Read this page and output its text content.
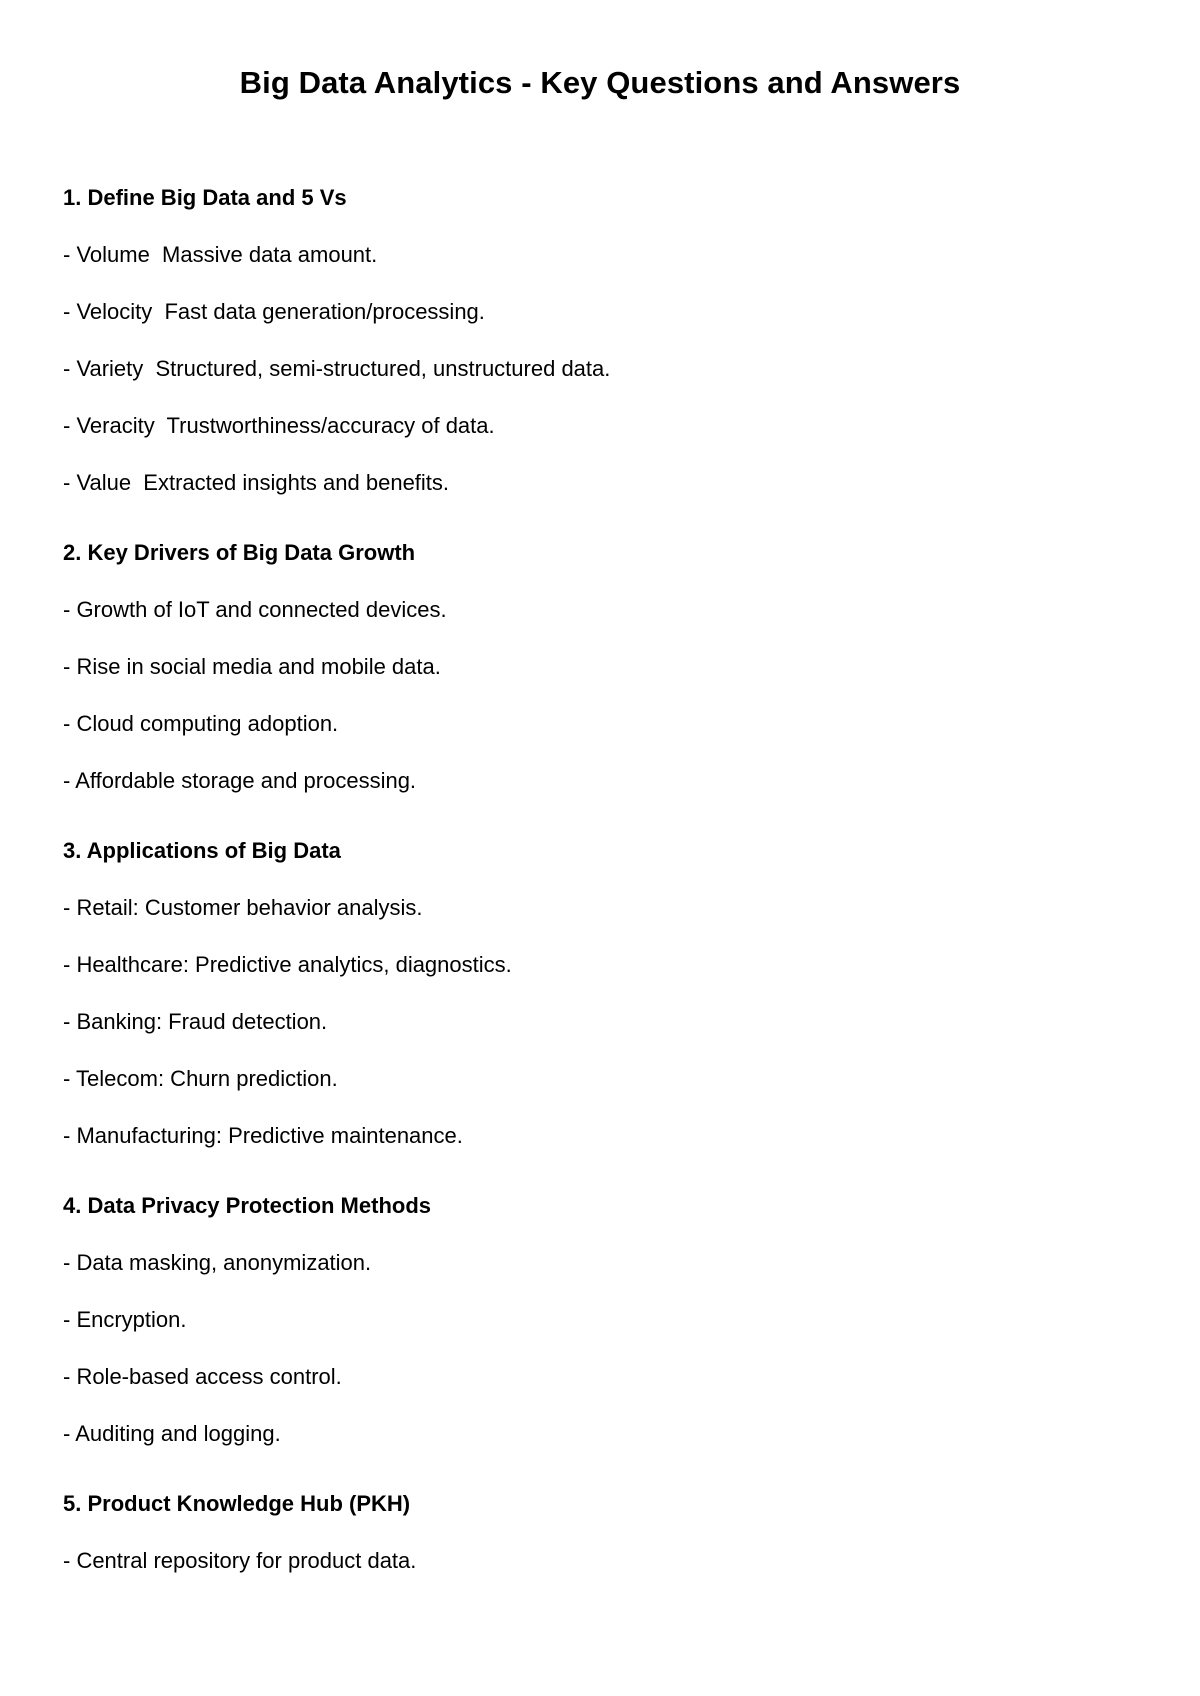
Big Data Analytics - Key Questions and Answers
1. Define Big Data and 5 Vs
- Volume  Massive data amount.
- Velocity  Fast data generation/processing.
- Variety  Structured, semi-structured, unstructured data.
- Veracity  Trustworthiness/accuracy of data.
- Value  Extracted insights and benefits.
2. Key Drivers of Big Data Growth
- Growth of IoT and connected devices.
- Rise in social media and mobile data.
- Cloud computing adoption.
- Affordable storage and processing.
3. Applications of Big Data
- Retail: Customer behavior analysis.
- Healthcare: Predictive analytics, diagnostics.
- Banking: Fraud detection.
- Telecom: Churn prediction.
- Manufacturing: Predictive maintenance.
4. Data Privacy Protection Methods
- Data masking, anonymization.
- Encryption.
- Role-based access control.
- Auditing and logging.
5. Product Knowledge Hub (PKH)
- Central repository for product data.
